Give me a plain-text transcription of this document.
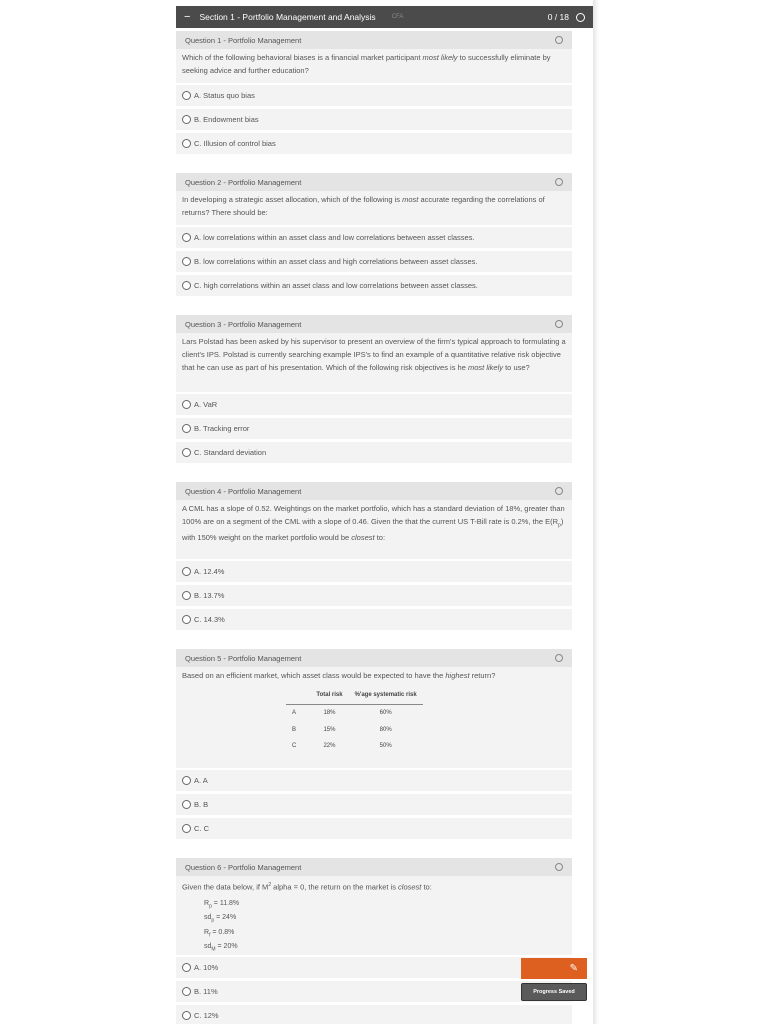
− Section 1 - Portfolio Management and Analysis	CFA	0 / 18
Question 1 - Portfolio Management
Which of the following behavioral biases is a financial market participant most likely to successfully eliminate by seeking advice and further education?
A. Status quo bias
B. Endowment bias
C. Illusion of control bias
Question 2 - Portfolio Management
In developing a strategic asset allocation, which of the following is most accurate regarding the correlations of returns? There should be:
A. low correlations within an asset class and low correlations between asset classes.
B. low correlations within an asset class and high correlations between asset classes.
C. high correlations within an asset class and low correlations between asset classes.
Question 3 - Portfolio Management
Lars Polstad has been asked by his supervisor to present an overview of the firm's typical approach to formulating a client's IPS. Polstad is currently searching example IPS's to find an example of a quantitative relative risk objective that he can use as part of his presentation. Which of the following risk objectives is he most likely to use?
A. VaR
B. Tracking error
C. Standard deviation
Question 4 - Portfolio Management
A CML has a slope of 0.52. Weightings on the market portfolio, which has a standard deviation of 18%, greater than 100% are on a segment of the CML with a slope of 0.46. Given the that the current US T-Bill rate is 0.2%, the $E(R_p)$ with 150% weight on the market portfolio would be closest to:
A. 12.4%
B. 13.7%
C. 14.3%
Question 5 - Portfolio Management
Based on an efficient market, which asset class would be expected to have the highest return?
	Total risk	%'age systematic risk
A	18%	60%
B	15%	80%
C	22%	50%
A. A
B. B
C. C
Question 6 - Portfolio Management
Given the data below, if $M^2$ alpha = 0, the return on the market is closest to:
$R_p = 11.8\%$
$sd_p = 24\%$
$R_f = 0.8\%$
$sd_M = 20\%$
A. 10%
B. 11%
C. 12%
✎
Progress Saved
